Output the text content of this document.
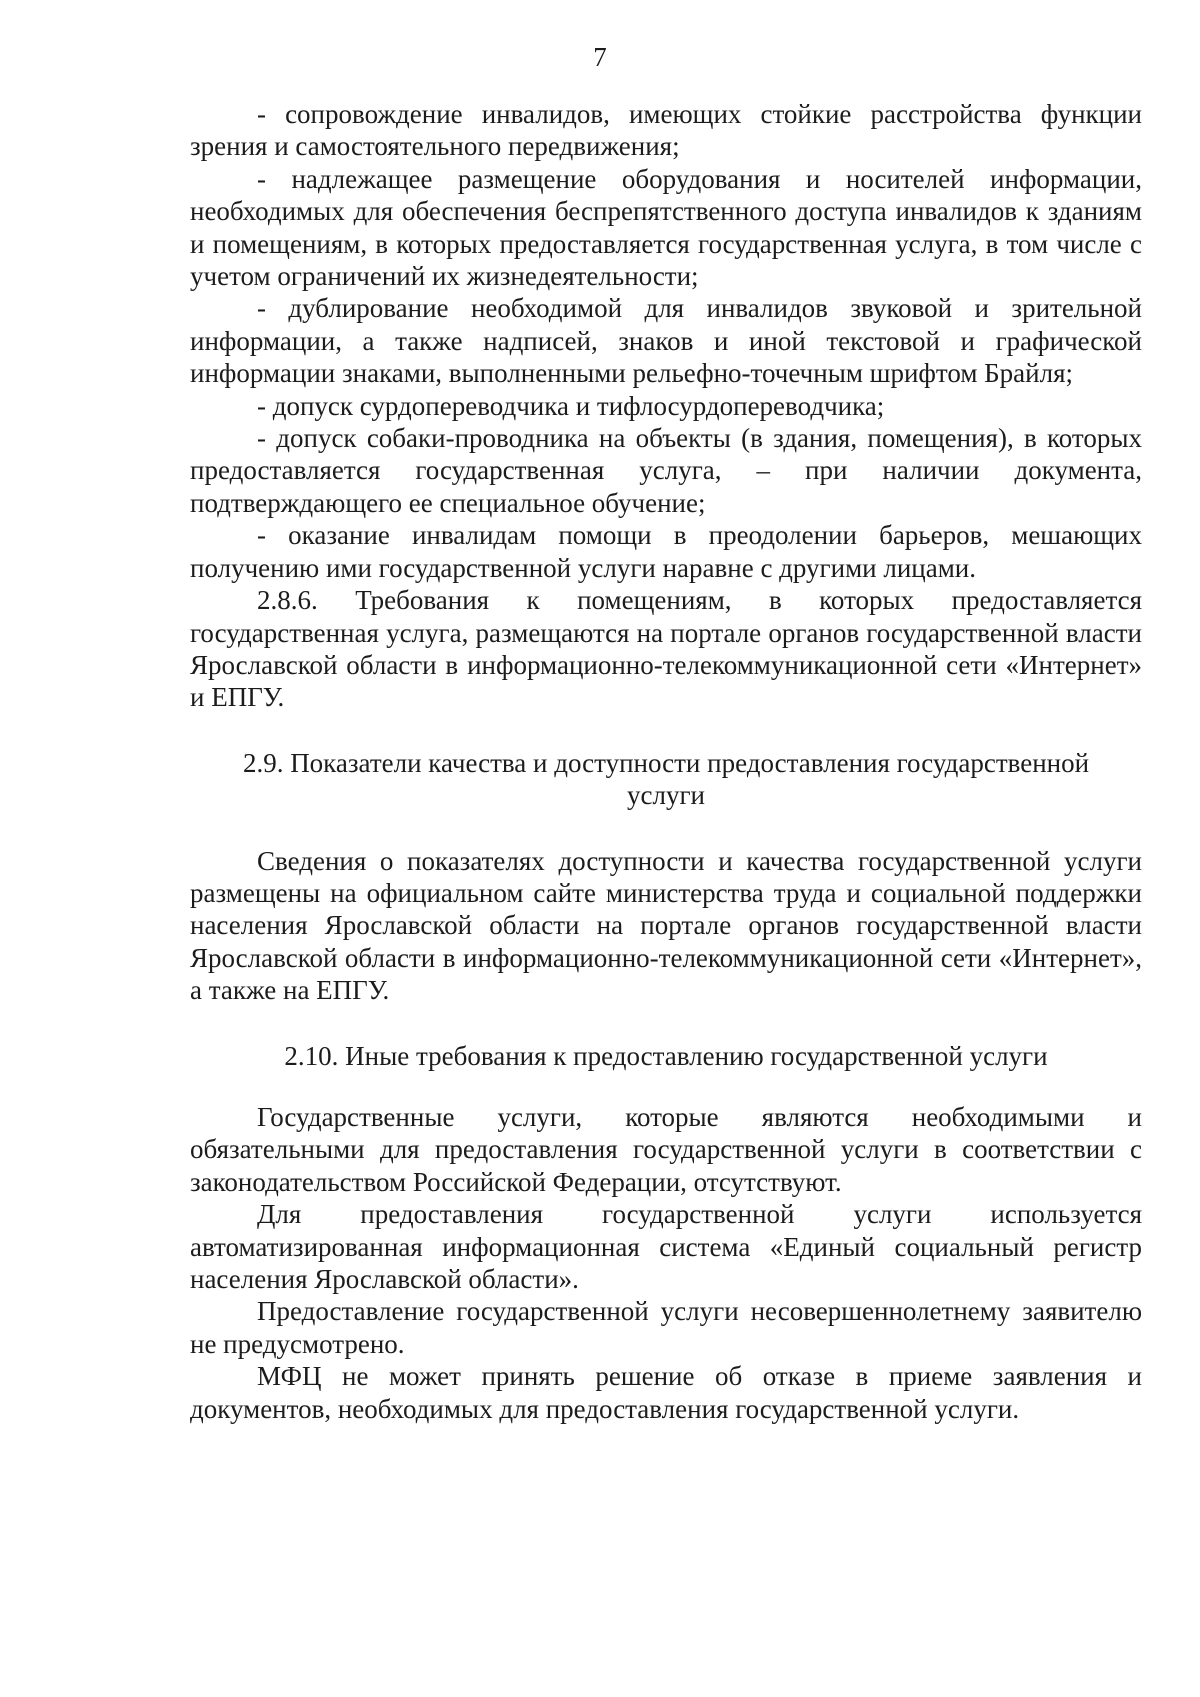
7

- сопровождение инвалидов, имеющих стойкие расстройства функции зрения и самостоятельного передвижения;

- надлежащее размещение оборудования и носителей информации, необходимых для обеспечения беспрепятственного доступа инвалидов к зданиям и помещениям, в которых предоставляется государственная услуга, в том числе с учетом ограничений их жизнедеятельности;

- дублирование необходимой для инвалидов звуковой и зрительной информации, а также надписей, знаков и иной текстовой и графической информации знаками, выполненными рельефно-точечным шрифтом Брайля;

- допуск сурдопереводчика и тифлосурдопереводчика;

- допуск собаки-проводника на объекты (в здания, помещения), в которых предоставляется государственная услуга, – при наличии документа, подтверждающего ее специальное обучение;

- оказание инвалидам помощи в преодолении барьеров, мешающих получению ими государственной услуги наравне с другими лицами.

2.8.6. Требования к помещениям, в которых предоставляется государственная услуга, размещаются на портале органов государственной власти Ярославской области в информационно-телекоммуникационной сети «Интернет» и ЕПГУ.

2.9. Показатели качества и доступности предоставления государственной
услуги

Сведения о показателях доступности и качества государственной услуги размещены на официальном сайте министерства труда и социальной поддержки населения Ярославской области на портале органов государственной власти Ярославской области в информационно-телекоммуникационной сети «Интернет», а также на ЕПГУ.

2.10. Иные требования к предоставлению государственной услуги

Государственные услуги, которые являются необходимыми и обязательными для предоставления государственной услуги в соответствии с законодательством Российской Федерации, отсутствуют.

Для предоставления государственной услуги используется автоматизированная информационная система «Единый социальный регистр населения Ярославской области».

Предоставление государственной услуги несовершеннолетнему заявителю не предусмотрено.

МФЦ не может принять решение об отказе в приеме заявления и документов, необходимых для предоставления государственной услуги.
